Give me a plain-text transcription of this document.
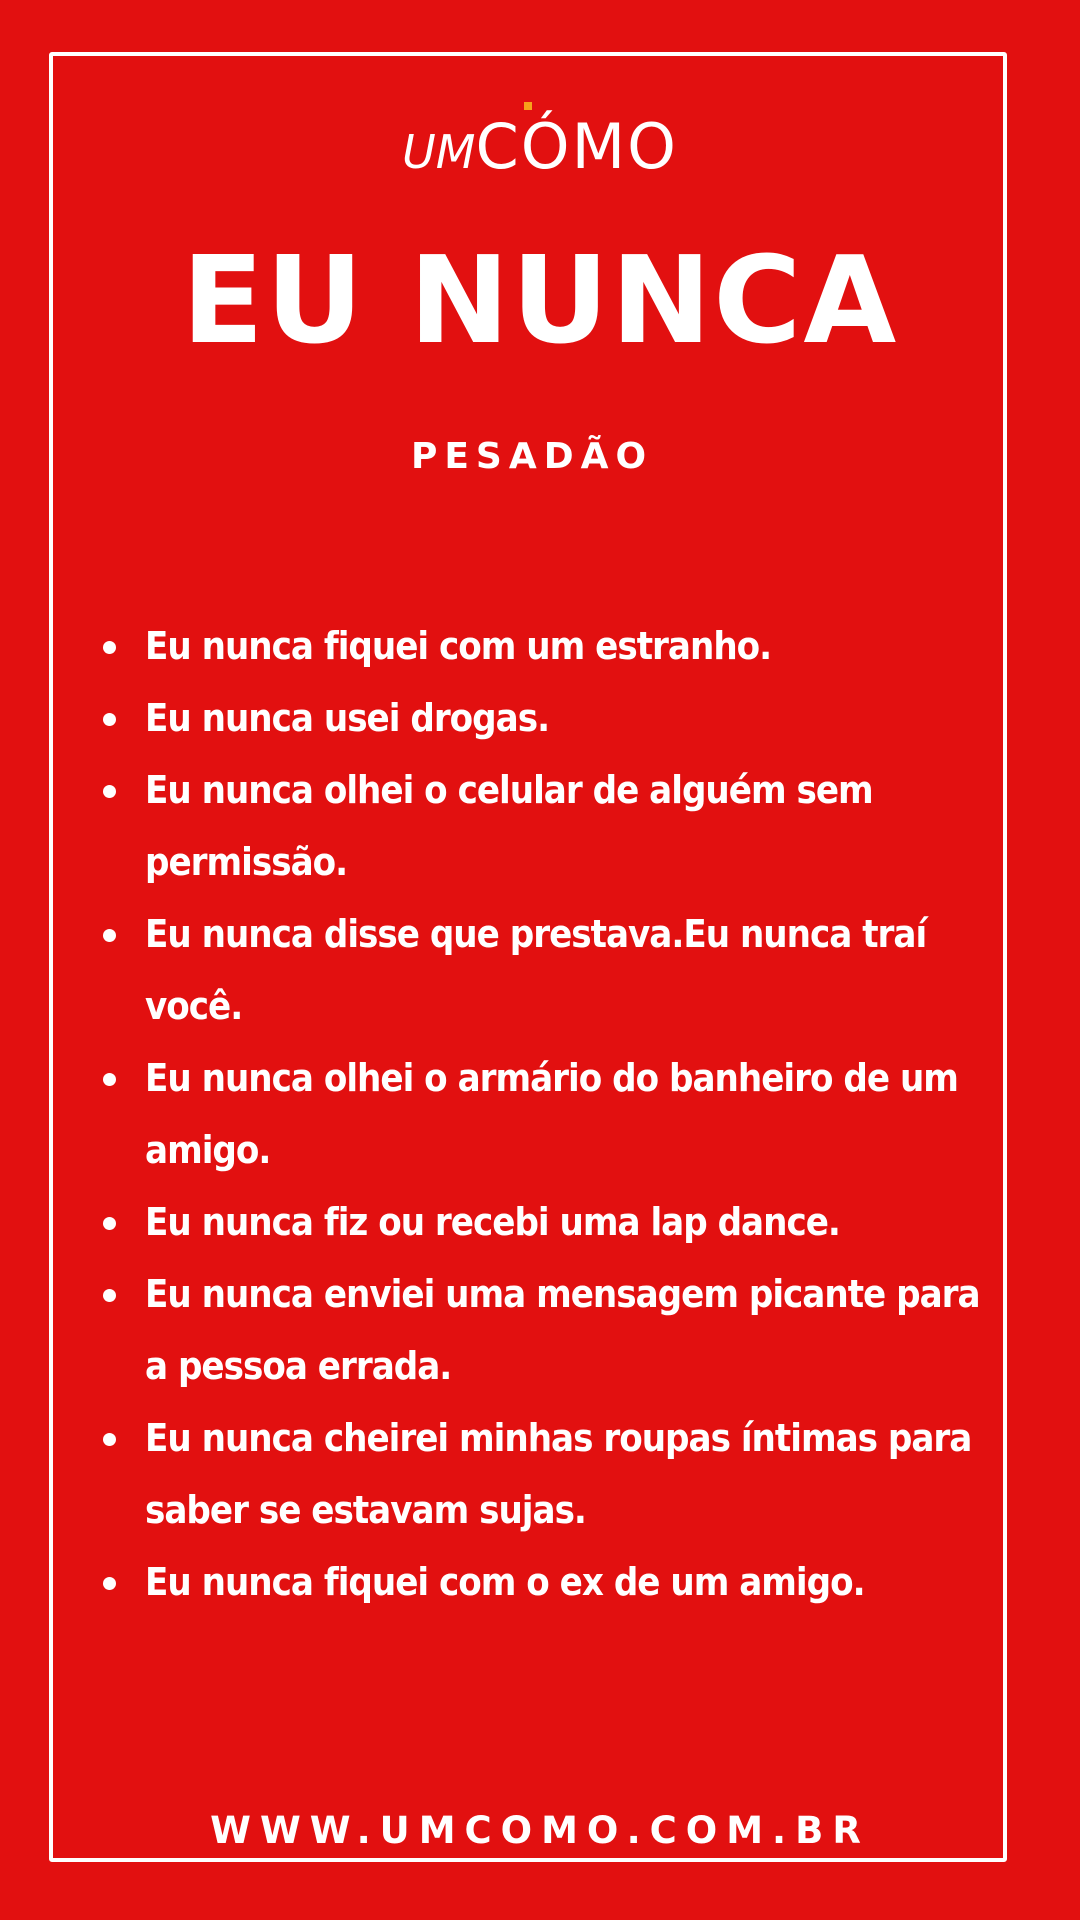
UM CÓMO
EU NUNCA
PESADÃO
Eu nunca fiquei com um estranho.
Eu nunca usei drogas.
Eu nunca olhei o celular de alguém sem permissão.
Eu nunca disse que prestava.Eu nunca traí você.
Eu nunca olhei o armário do banheiro de um amigo.
Eu nunca fiz ou recebi uma lap dance.
Eu nunca enviei uma mensagem picante para a pessoa errada.
Eu nunca cheirei minhas roupas íntimas para saber se estavam sujas.
Eu nunca fiquei com o ex de um amigo.
WWW.UMCOMO.COM.BR
